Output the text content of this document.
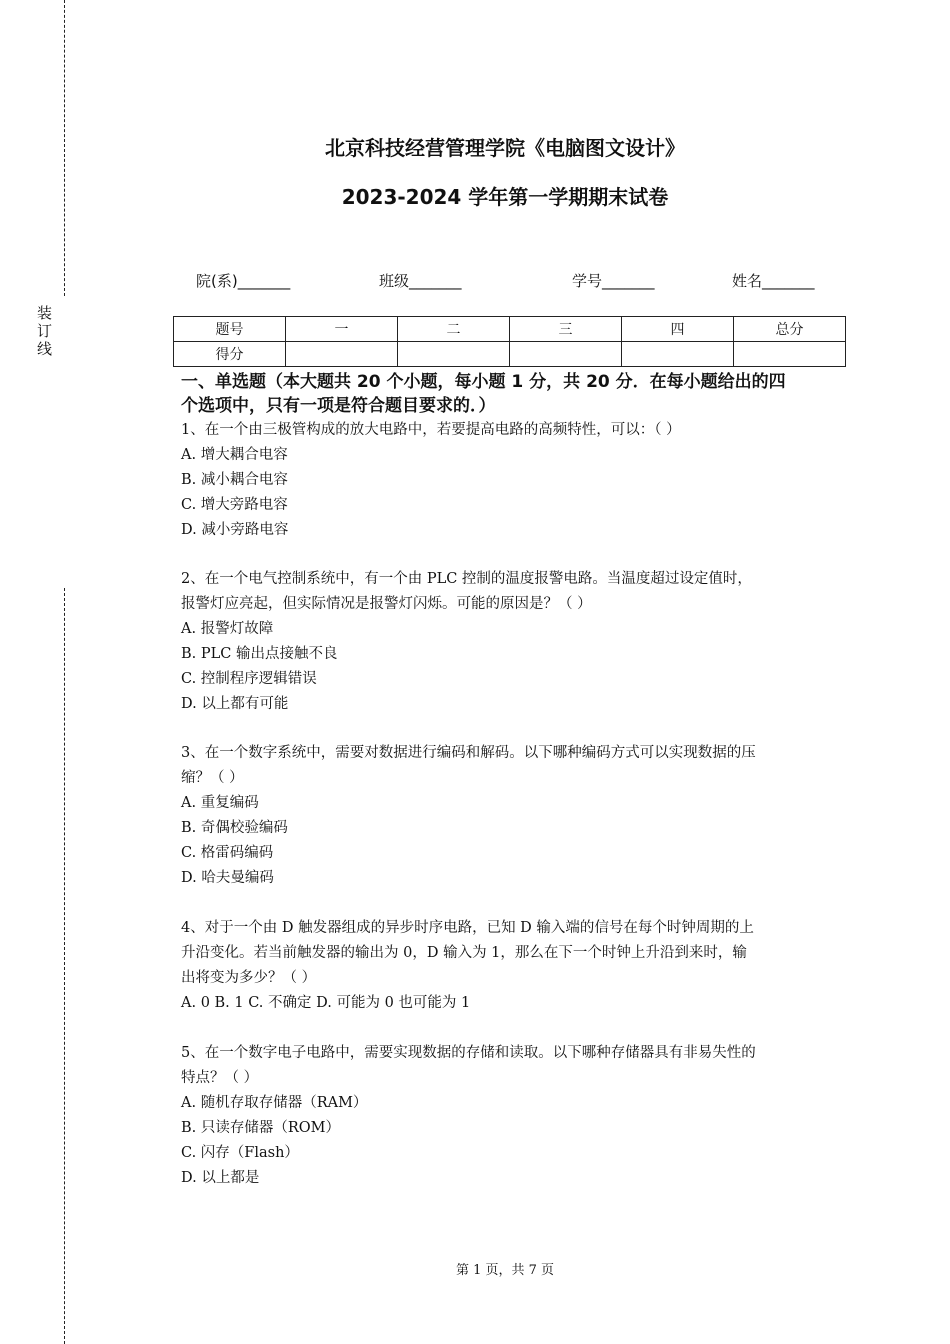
装
订
线
北京科技经营管理学院《电脑图文设计》
2023-2024 学年第一学期期末试卷
院(系)_______	班级_______	学号_______	姓名_______
题号	一	二	三	四	总分
得分					
一、单选题（本大题共 20 个小题，每小题 1 分，共 20 分．在每小题给出的四
个选项中，只有一项是符合题目要求的．）

1、在一个由三极管构成的放大电路中，若要提高电路的高频特性，可以：（ ）

A. 增大耦合电容

B. 减小耦合电容

C. 增大旁路电容

D. 减小旁路电容

2、在一个电气控制系统中，有一个由 PLC 控制的温度报警电路。当温度超过设定值时，

报警灯应亮起，但实际情况是报警灯闪烁。可能的原因是？（ ）

A. 报警灯故障

B. PLC 输出点接触不良

C. 控制程序逻辑错误

D. 以上都有可能

3、在一个数字系统中，需要对数据进行编码和解码。以下哪种编码方式可以实现数据的压

缩？（ ）

A. 重复编码

B. 奇偶校验编码

C. 格雷码编码

D. 哈夫曼编码

4、对于一个由 D 触发器组成的异步时序电路，已知 D 输入端的信号在每个时钟周期的上

升沿变化。若当前触发器的输出为 0，D 输入为 1，那么在下一个时钟上升沿到来时，输

出将变为多少？（ ）

A. 0 B. 1 C. 不确定 D. 可能为 0 也可能为 1

5、在一个数字电子电路中，需要实现数据的存储和读取。以下哪种存储器具有非易失性的

特点？（ ）

A. 随机存取存储器（RAM）

B. 只读存储器（ROM）

C. 闪存（Flash）

D. 以上都是

第 1 页，共 7 页
